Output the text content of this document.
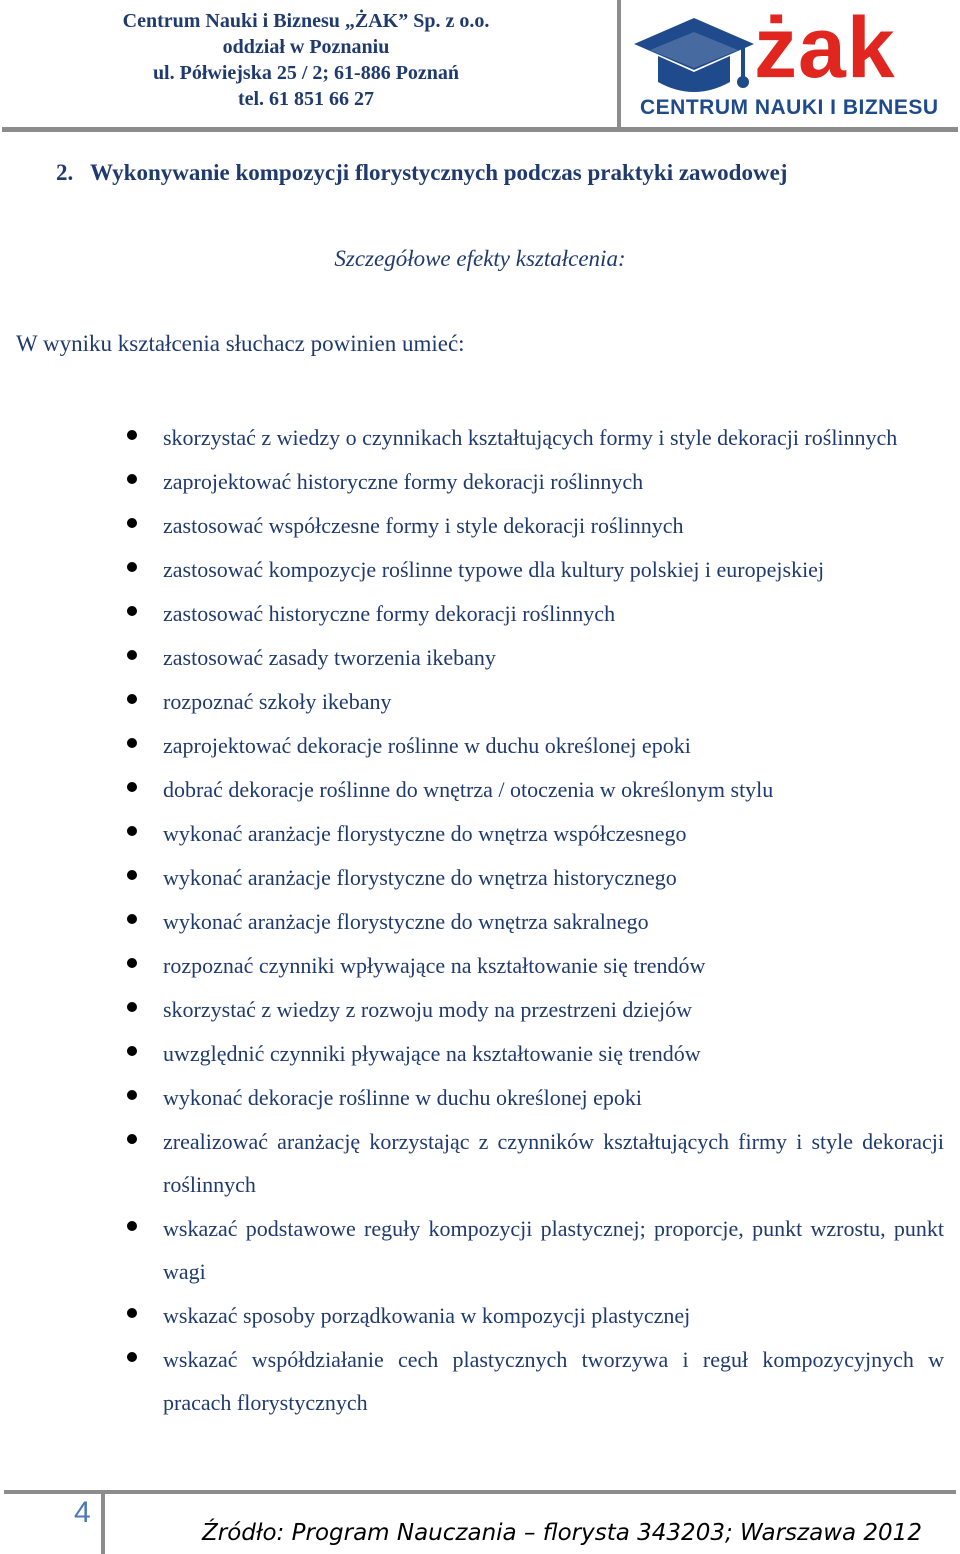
Centrum Nauki i Biznesu „ŻAK” Sp. z o.o.
oddział w Poznaniu
ul. Półwiejska 25 / 2; 61-886 Poznań
tel. 61 851 66 27
żak
CENTRUM NAUKI I BIZNESU
2. Wykonywanie kompozycji florystycznych podczas praktyki zawodowej
Szczegółowe efekty kształcenia:
W wyniku kształcenia słuchacz powinien umieć:
skorzystać z wiedzy o czynnikach kształtujących formy i style dekoracji roślinnych
zaprojektować historyczne formy dekoracji roślinnych
zastosować współczesne formy i style dekoracji roślinnych
zastosować kompozycje roślinne typowe dla kultury polskiej i europejskiej
zastosować historyczne formy dekoracji roślinnych
zastosować zasady tworzenia ikebany
rozpoznać szkoły ikebany
zaprojektować dekoracje roślinne w duchu określonej epoki
dobrać dekoracje roślinne do wnętrza / otoczenia w określonym stylu
wykonać aranżacje florystyczne do wnętrza współczesnego
wykonać aranżacje florystyczne do wnętrza historycznego
wykonać aranżacje florystyczne do wnętrza sakralnego
rozpoznać czynniki wpływające na kształtowanie się trendów
skorzystać z wiedzy z rozwoju mody na przestrzeni dziejów
uwzględnić czynniki pływające na kształtowanie się trendów
wykonać dekoracje roślinne w duchu określonej epoki
zrealizować aranżację korzystając z czynników kształtujących firmy i style dekoracji roślinnych
wskazać podstawowe reguły kompozycji plastycznej; proporcje, punkt wzrostu, punkt wagi
wskazać sposoby porządkowania w kompozycji plastycznej
wskazać współdziałanie cech plastycznych tworzywa i reguł kompozycyjnych w pracach florystycznych
4
Źródło: Program Nauczania – florysta 343203; Warszawa 2012
